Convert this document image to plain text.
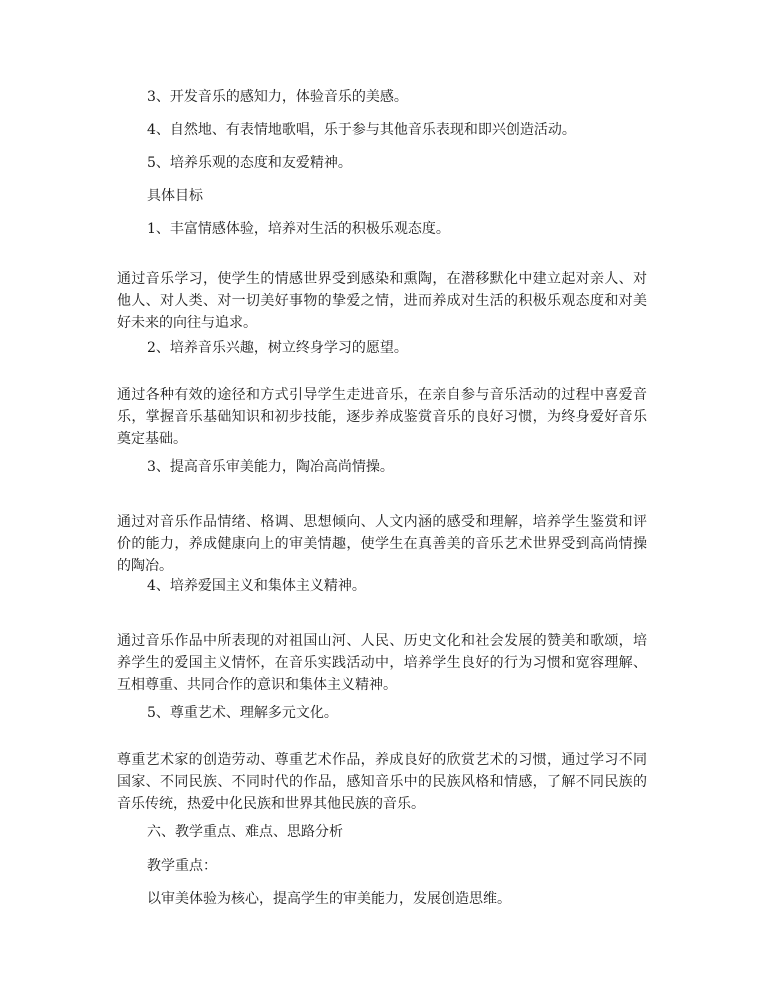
3、开发音乐的感知力，体验音乐的美感。
4、自然地、有表情地歌唱，乐于参与其他音乐表现和即兴创造活动。
5、培养乐观的态度和友爱精神。
具体目标
1、丰富情感体验，培养对生活的积极乐观态度。
通过音乐学习，使学生的情感世界受到感染和熏陶，在潜移默化中建立起对亲人、对他人、对人类、对一切美好事物的挚爱之情，进而养成对生活的积极乐观态度和对美好未来的向往与追求。
2、培养音乐兴趣，树立终身学习的愿望。
通过各种有效的途径和方式引导学生走进音乐，在亲自参与音乐活动的过程中喜爱音乐，掌握音乐基础知识和初步技能，逐步养成鉴赏音乐的良好习惯，为终身爱好音乐奠定基础。
3、提高音乐审美能力，陶冶高尚情操。
通过对音乐作品情绪、格调、思想倾向、人文内涵的感受和理解，培养学生鉴赏和评价的能力，养成健康向上的审美情趣，使学生在真善美的音乐艺术世界受到高尚情操的陶冶。
4、培养爱国主义和集体主义精神。
通过音乐作品中所表现的对祖国山河、人民、历史文化和社会发展的赞美和歌颂，培养学生的爱国主义情怀，在音乐实践活动中，培养学生良好的行为习惯和宽容理解、互相尊重、共同合作的意识和集体主义精神。
5、尊重艺术、理解多元文化。
尊重艺术家的创造劳动、尊重艺术作品，养成良好的欣赏艺术的习惯，通过学习不同国家、不同民族、不同时代的作品，感知音乐中的民族风格和情感，了解不同民族的音乐传统，热爱中化民族和世界其他民族的音乐。
六、教学重点、难点、思路分析
教学重点：
以审美体验为核心，提高学生的审美能力，发展创造思维。
